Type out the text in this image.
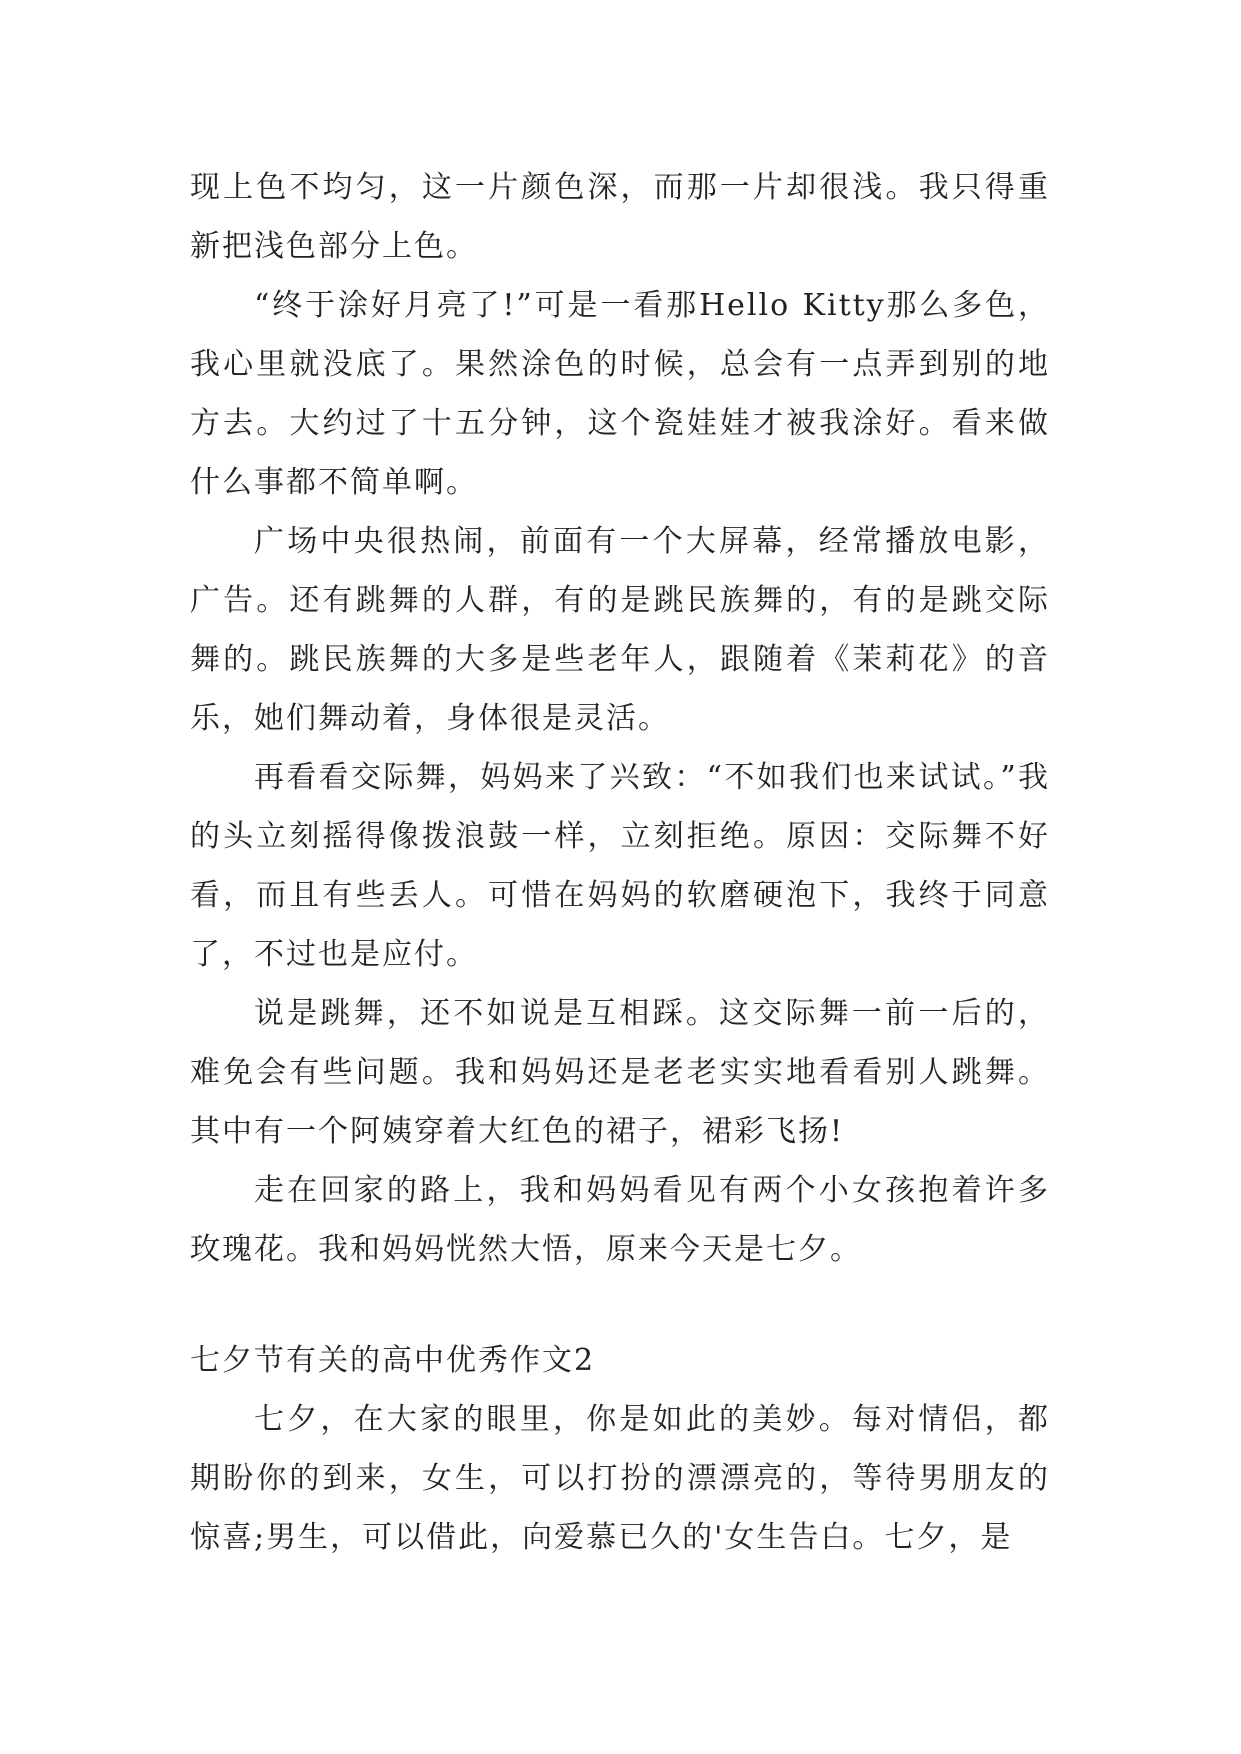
现上色不均匀，这一片颜色深，而那一片却很浅。我只得重新把浅色部分上色。

“终于涂好月亮了!”可是一看那Hello Kitty那么多色，我心里就没底了。果然涂色的时候，总会有一点弄到别的地方去。大约过了十五分钟，这个瓷娃娃才被我涂好。看来做什么事都不简单啊。

广场中央很热闹，前面有一个大屏幕，经常播放电影，广告。还有跳舞的人群，有的是跳民族舞的，有的是跳交际舞的。跳民族舞的大多是些老年人，跟随着《茉莉花》的音乐，她们舞动着，身体很是灵活。

再看看交际舞，妈妈来了兴致：“不如我们也来试试。”我的头立刻摇得像拨浪鼓一样，立刻拒绝。原因：交际舞不好看，而且有些丢人。可惜在妈妈的软磨硬泡下，我终于同意了，不过也是应付。

说是跳舞，还不如说是互相踩。这交际舞一前一后的，难免会有些问题。我和妈妈还是老老实实地看看别人跳舞。其中有一个阿姨穿着大红色的裙子，裙彩飞扬!

走在回家的路上，我和妈妈看见有两个小女孩抱着许多玫瑰花。我和妈妈恍然大悟，原来今天是七夕。

七夕节有关的高中优秀作文2

七夕，在大家的眼里，你是如此的美妙。每对情侣，都期盼你的到来，女生，可以打扮的漂漂亮的，等待男朋友的惊喜;男生，可以借此，向爱慕已久的'女生告白。七夕，是
